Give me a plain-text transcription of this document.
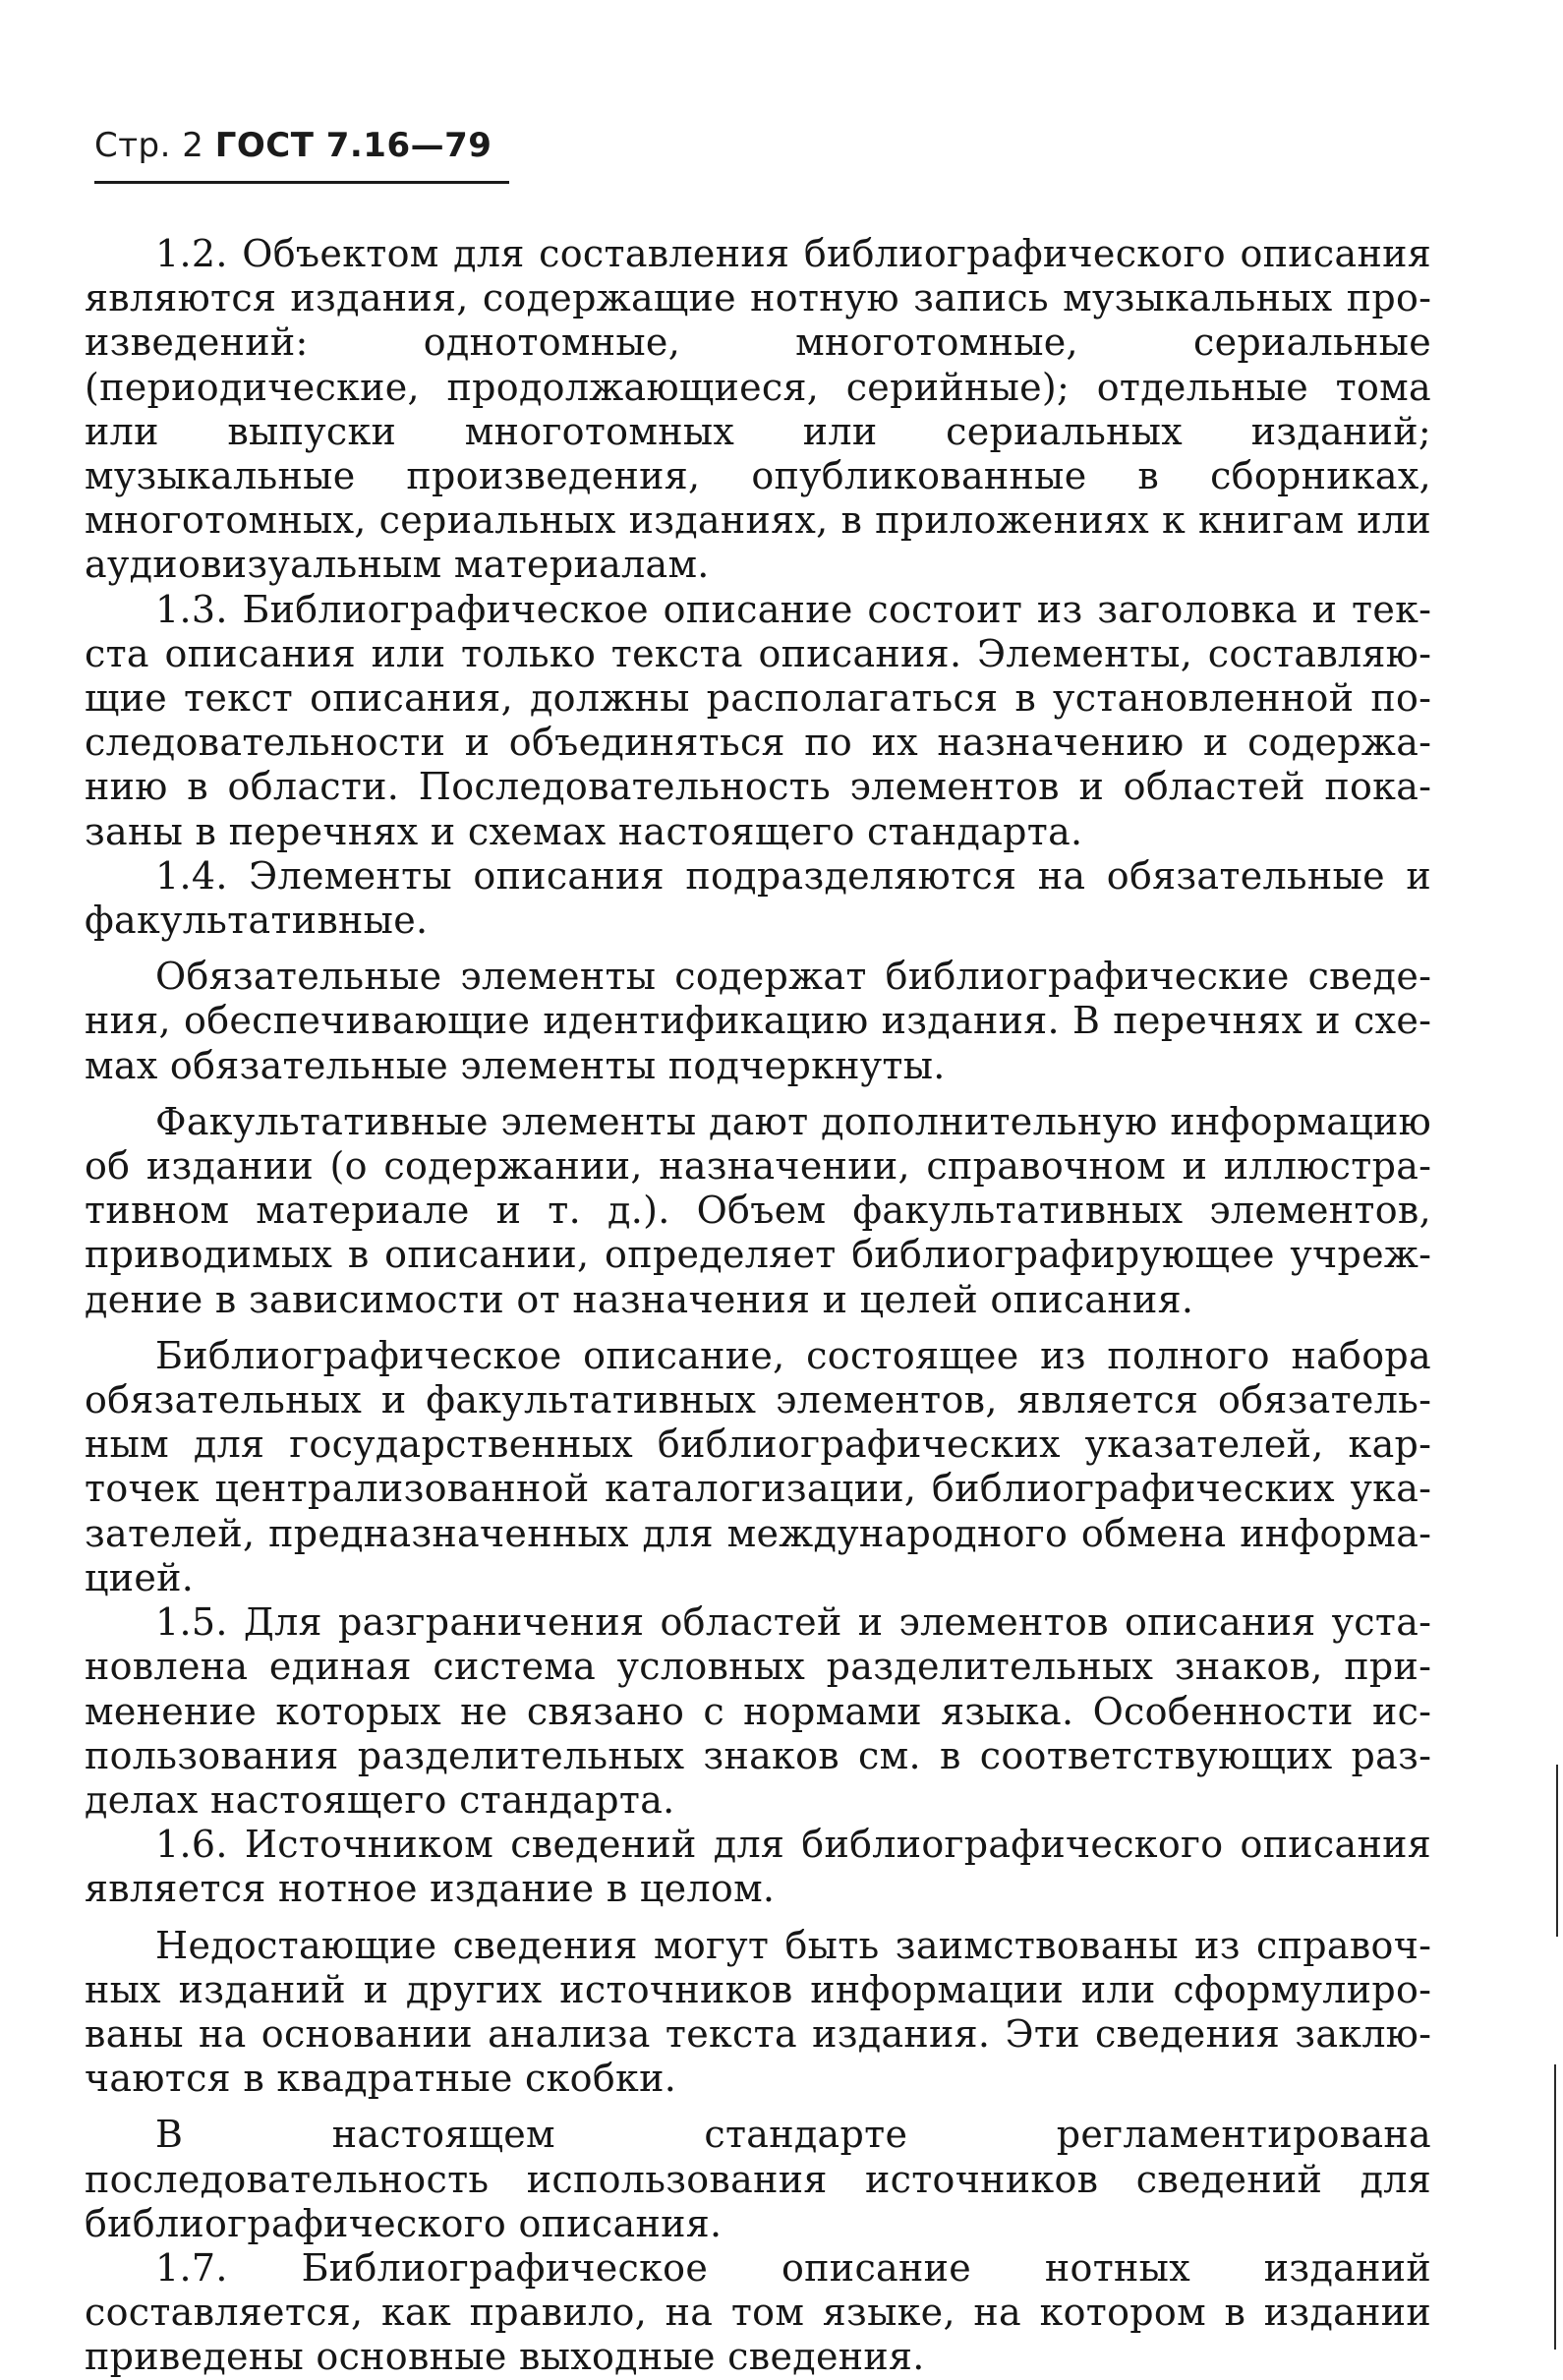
Стр. 2 ГОСТ 7.16—79

1.2. Объектом для составления библиографического описания являются издания, содержащие нотную запись музыкальных произведений: однотомные, многотомные, сериальные (периодические, продолжающиеся, серийные); отдельные тома или выпуски многотомных или сериальных изданий; музыкальные произведения, опубликованные в сборниках, многотомных, сериальных изданиях, в приложениях к книгам или аудиовизуальным материалам.

1.3. Библиографическое описание состоит из заголовка и текста описания или только текста описания. Элементы, составляющие текст описания, должны располагаться в установленной последовательности и объединяться по их назначению и содержанию в области. Последовательность элементов и областей показаны в перечнях и схемах настоящего стандарта.

1.4. Элементы описания подразделяются на обязательные и факультативные.

Обязательные элементы содержат библиографические сведения, обеспечивающие идентификацию издания. В перечнях и схемах обязательные элементы подчеркнуты.

Факультативные элементы дают дополнительную информацию об издании (о содержании, назначении, справочном и иллюстративном материале и т. д.). Объем факультативных элементов, приводимых в описании, определяет библиографирующее учреждение в зависимости от назначения и целей описания.

Библиографическое описание, состоящее из полного набора обязательных и факультативных элементов, является обязательным для государственных библиографических указателей, карточек централизованной каталогизации, библиографических указателей, предназначенных для международного обмена информацией.

1.5. Для разграничения областей и элементов описания установлена единая система условных разделительных знаков, применение которых не связано с нормами языка. Особенности использования разделительных знаков см. в соответствующих разделах настоящего стандарта.

1.6. Источником сведений для библиографического описания является нотное издание в целом.

Недостающие сведения могут быть заимствованы из справочных изданий и других источников информации или сформулированы на основании анализа текста издания. Эти сведения заключаются в квадратные скобки.

В настоящем стандарте регламентирована последовательность использования источников сведений для библиографического описания.

1.7. Библиографическое описание нотных изданий составляется, как правило, на том языке, на котором в издании приведены основные выходные сведения.
